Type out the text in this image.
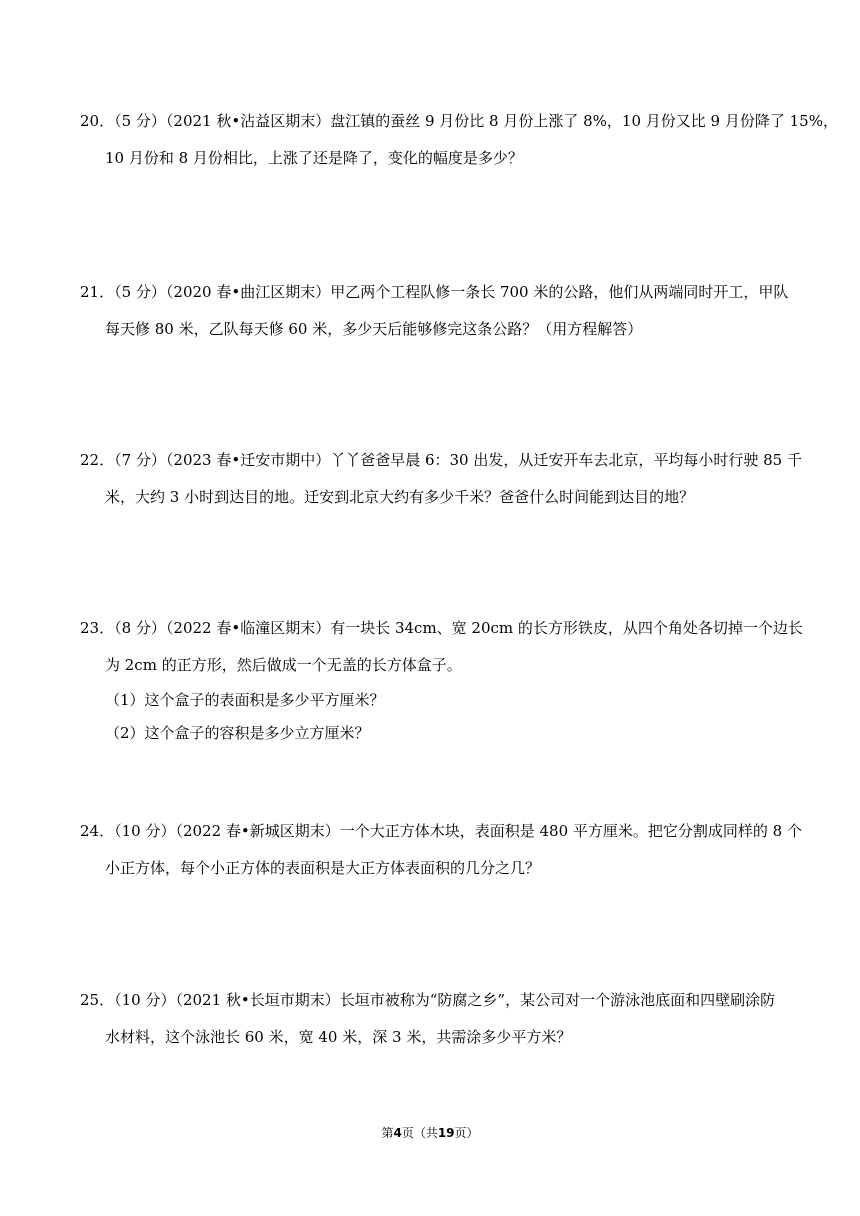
20．（5 分）（2021 秋•沾益区期末）盘江镇的蚕丝 9 月份比 8 月份上涨了 8%，10 月份又比 9 月份降了 15%，
10 月份和 8 月份相比，上涨了还是降了，变化的幅度是多少？
21．（5 分）（2020 春•曲江区期末）甲乙两个工程队修一条长 700 米的公路，他们从两端同时开工，甲队
每天修 80 米，乙队每天修 60 米，多少天后能够修完这条公路？（用方程解答）
22．（7 分）（2023 春•迁安市期中）丫丫爸爸早晨 6：30 出发，从迁安开车去北京，平均每小时行驶 85 千
米，大约 3 小时到达目的地。迁安到北京大约有多少千米？爸爸什么时间能到达目的地？
23．（8 分）（2022 春•临潼区期末）有一块长 34cm、宽 20cm 的长方形铁皮，从四个角处各切掉一个边长
为 2cm 的正方形，然后做成一个无盖的长方体盒子。
（1）这个盒子的表面积是多少平方厘米？
（2）这个盒子的容积是多少立方厘米？
24．（10 分）（2022 春•新城区期末）一个大正方体木块，表面积是 480 平方厘米。把它分割成同样的 8 个
小正方体，每个小正方体的表面积是大正方体表面积的几分之几？
25．（10 分）（2021 秋•长垣市期末）长垣市被称为“防腐之乡”，某公司对一个游泳池底面和四壁刷涂防
水材料，这个泳池长 60 米，宽 40 米，深 3 米，共需涂多少平方米？
第4页（共19页）
